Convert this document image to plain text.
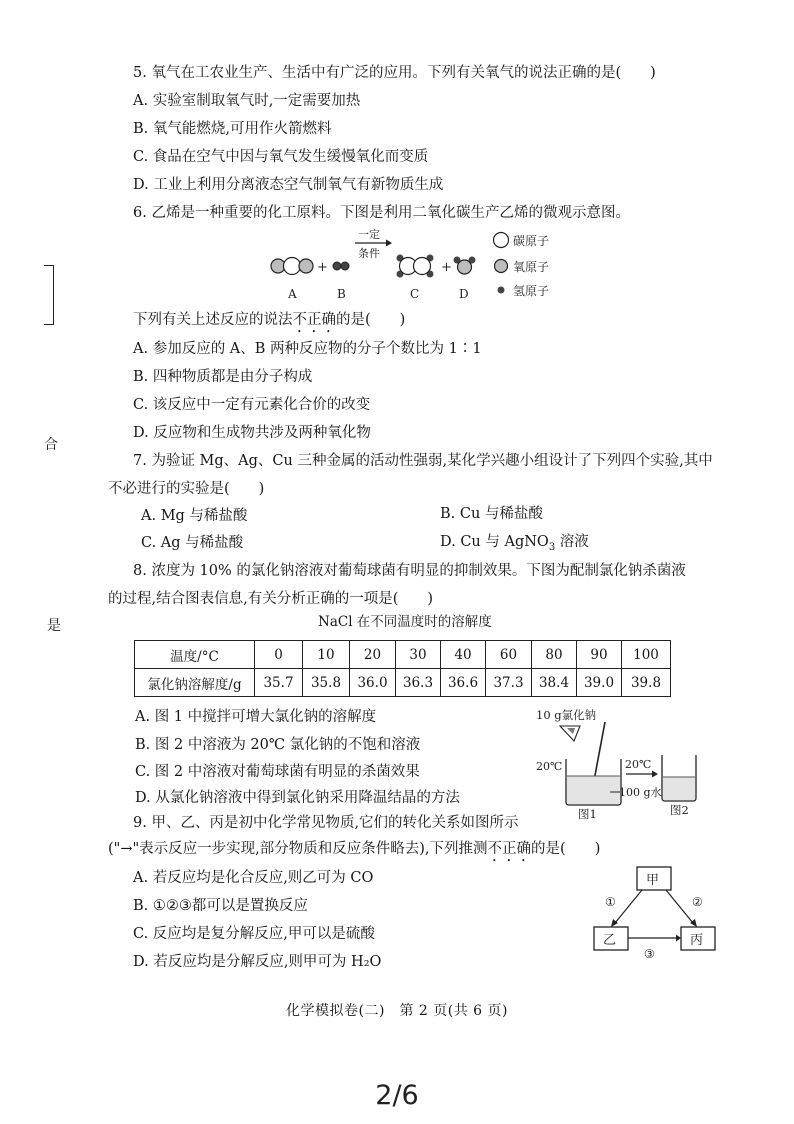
合
是
5. 氧气在工农业生产、生活中有广泛的应用。下列有关氧气的说法正确的是(　　)
A. 实验室制取氧气时,一定需要加热
B. 氧气能燃烧,可用作火箭燃料
C. 食品在空气中因与氧气发生缓慢氧化而变质
D. 工业上利用分离液态空气制氧气有新物质生成
6. 乙烯是一种重要的化工原料。下图是利用二氧化碳生产乙烯的微观示意图。
+
一定
条件
+
A	B	C	D
碳原子
氧原子
氢原子
下列有关上述反应的说法不正确的是(　　)
A. 参加反应的 A、B 两种反应物的分子个数比为 1∶1
B. 四种物质都是由分子构成
C. 该反应中一定有元素化合价的改变
D. 反应物和生成物共涉及两种氧化物
7. 为验证 Mg、Ag、Cu 三种金属的活动性强弱,某化学兴趣小组设计了下列四个实验,其中
不必进行的实验是(　　)
A. Mg 与稀盐酸	B. Cu 与稀盐酸
C. Ag 与稀盐酸	D. Cu 与 AgNO$_3$ 溶液
8. 浓度为 10% 的氯化钠溶液对葡萄球菌有明显的抑制效果。下图为配制氯化钠杀菌液
的过程,结合图表信息,有关分析正确的一项是(　　)
NaCl 在不同温度时的溶解度
温度/°C	0	10	20	30	40	60	80	90	100
氯化钠溶解度/g	35.7	35.8	36.0	36.3	36.6	37.3	38.4	39.0	39.8
A. 图 1 中搅拌可增大氯化钠的溶解度
B. 图 2 中溶液为 20℃ 氯化钠的不饱和溶液
C. 图 2 中溶液对葡萄球菌有明显的杀菌效果
D. 从氯化钠溶液中得到氯化钠采用降温结晶的方法
10 g氯化钠
20℃
100 g水
20℃
图1	图2
9. 甲、乙、丙是初中化学常见物质,它们的转化关系如图所示
("→"表示反应一步实现,部分物质和反应条件略去),下列推测不正确的是(　　)
A. 若反应均是化合反应,则乙可为 CO
B. ①②③都可以是置换反应
C. 反应均是复分解反应,甲可以是硫酸
D. 若反应均是分解反应,则甲可为 H₂O
甲
乙	丙
①	②
③
化学模拟卷(二)　第 2 页(共 6 页)
2/6
